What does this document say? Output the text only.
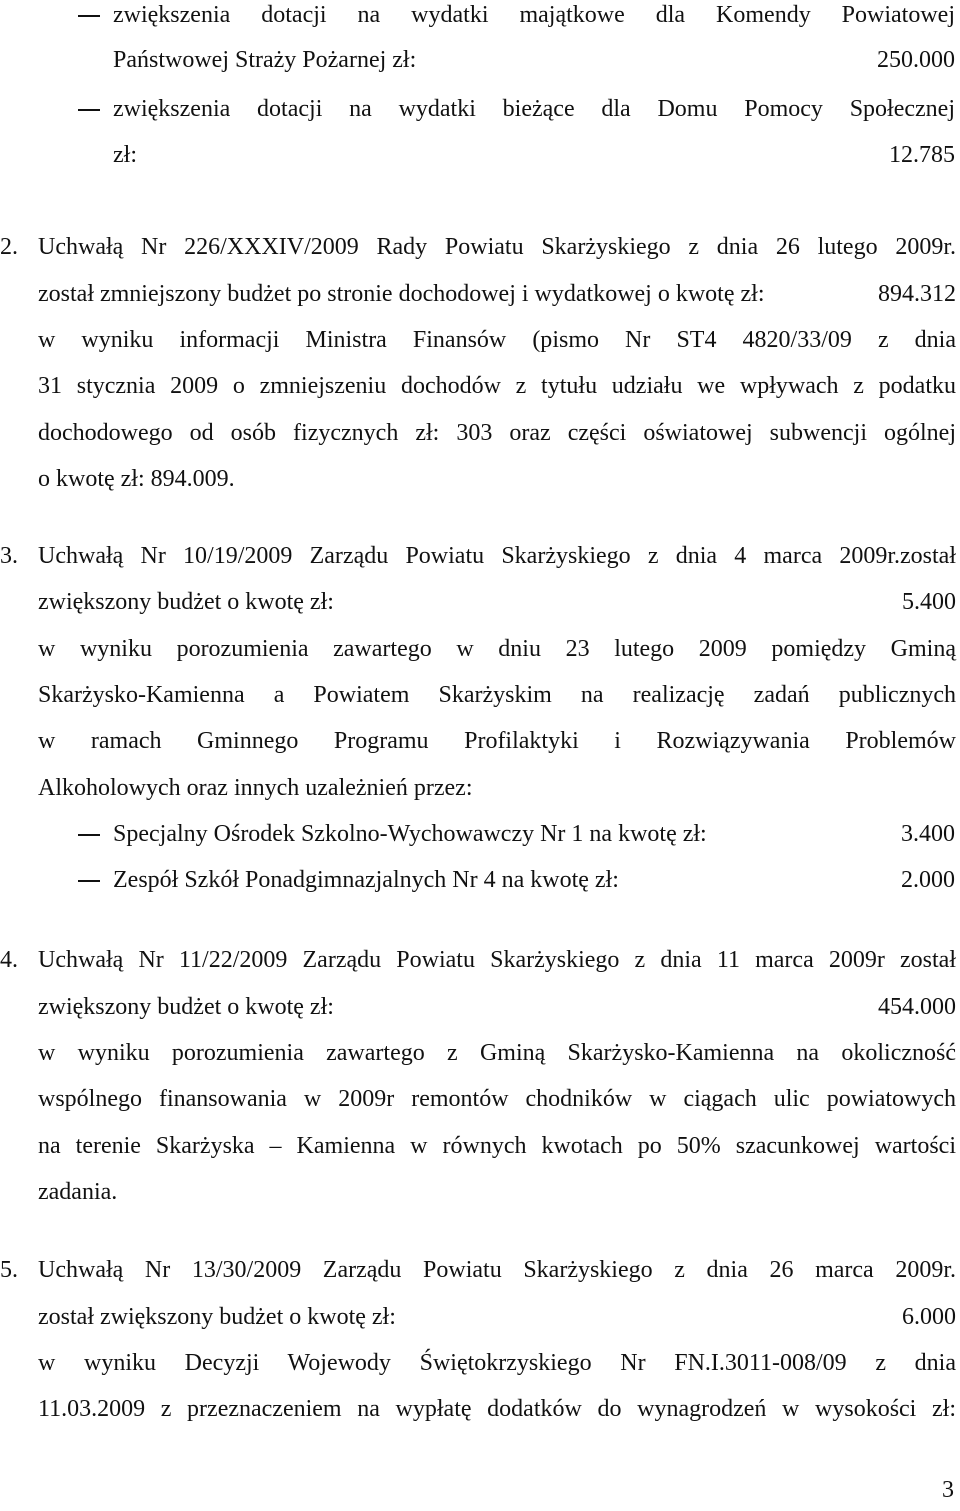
zwiększenia dotacji na wydatki majątkowe dla Komendy Powiatowej
Państwowej Straży Pożarnej zł:	250.000
zwiększenia dotacji na wydatki bieżące dla Domu Pomocy Społecznej
zł:	12.785
2. Uchwałą Nr 226/XXXIV/2009 Rady Powiatu Skarżyskiego z dnia 26 lutego 2009r.
został zmniejszony budżet po stronie dochodowej i wydatkowej o kwotę zł:	894.312
w wyniku informacji Ministra Finansów (pismo Nr ST4 4820/33/09 z dnia
31 stycznia 2009 o zmniejszeniu dochodów z tytułu udziału we wpływach z podatku
dochodowego od osób fizycznych zł: 303 oraz części oświatowej subwencji ogólnej
o kwotę zł: 894.009.
3. Uchwałą Nr 10/19/2009 Zarządu Powiatu Skarżyskiego z dnia 4 marca 2009r.został
zwiększony budżet o kwotę zł:	5.400
w wyniku porozumienia zawartego w dniu 23 lutego 2009 pomiędzy Gminą
Skarżysko-Kamienna a Powiatem Skarżyskim na realizację zadań publicznych
w ramach Gminnego Programu Profilaktyki i Rozwiązywania Problemów
Alkoholowych oraz innych uzależnień przez:
Specjalny Ośrodek Szkolno-Wychowawczy Nr 1 na kwotę zł:	3.400
Zespół Szkół Ponadgimnazjalnych Nr 4 na kwotę zł:	2.000
4. Uchwałą Nr 11/22/2009 Zarządu Powiatu Skarżyskiego z dnia 11 marca 2009r został
zwiększony budżet o kwotę zł:	454.000
w wyniku porozumienia zawartego z Gminą Skarżysko-Kamienna na okoliczność
wspólnego finansowania w 2009r remontów chodników w ciągach ulic powiatowych
na terenie Skarżyska – Kamienna w równych kwotach po 50% szacunkowej wartości
zadania.
5. Uchwałą Nr 13/30/2009 Zarządu Powiatu Skarżyskiego z dnia 26 marca 2009r.
został zwiększony budżet o kwotę zł:	6.000
w wyniku Decyzji Wojewody Świętokrzyskiego Nr FN.I.3011-008/09 z dnia
11.03.2009 z przeznaczeniem na wypłatę dodatków do wynagrodzeń w wysokości zł:
3
